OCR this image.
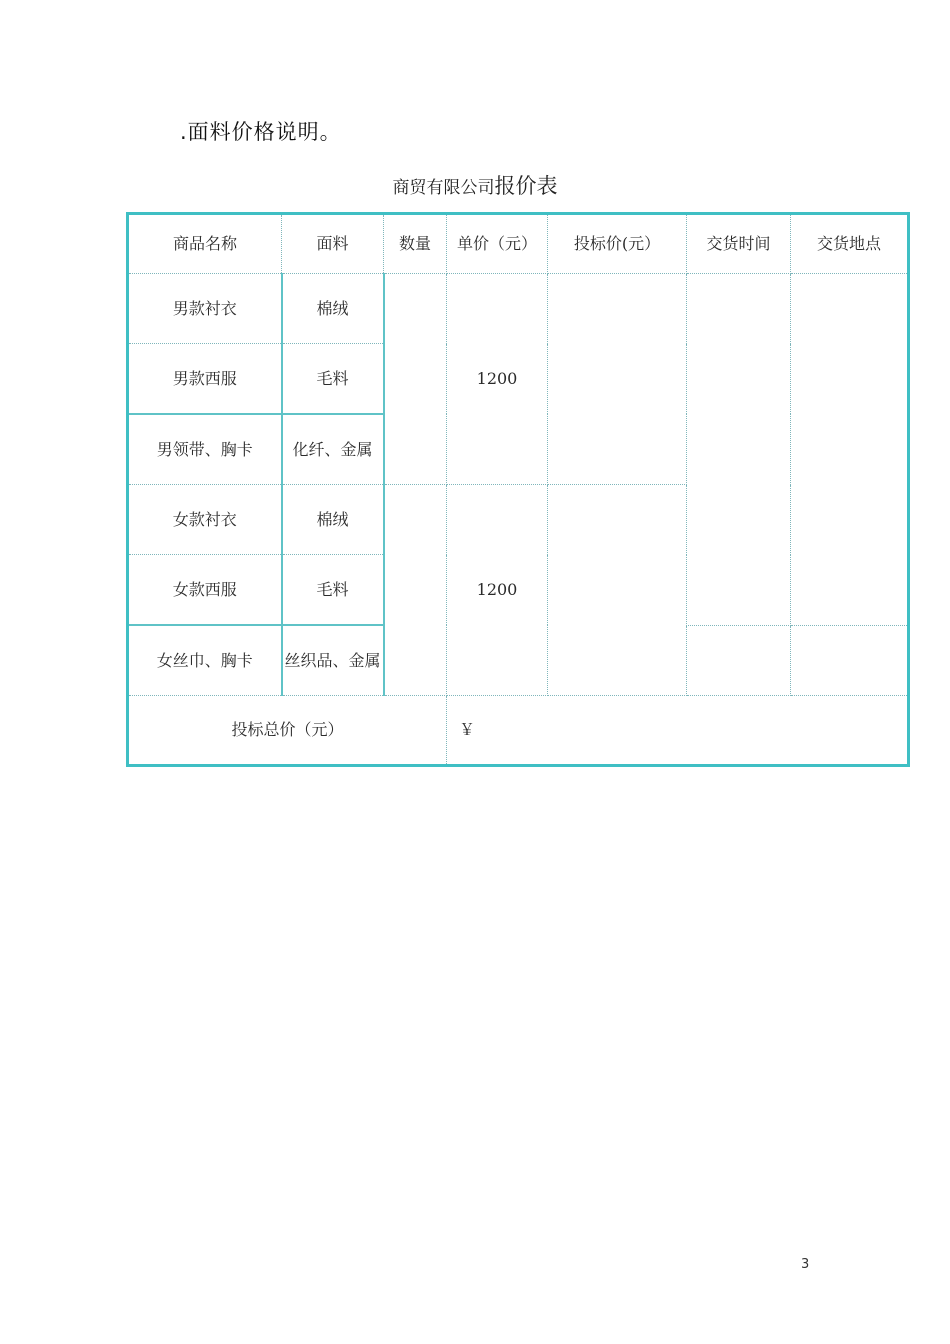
.面料价格说明。
商贸有限公司报价表
商品名称	面料	数量	单价（元）	投标价(元）	交货时间	交货地点
男款衬衣	棉绒		1200			
男款西服	毛料					
男领带、胸卡	化纤、金属					
女款衬衣	棉绒		1200			
女款西服	毛料					
女丝巾、胸卡	丝织品、金属					
投标总价（元）			￥			
3
